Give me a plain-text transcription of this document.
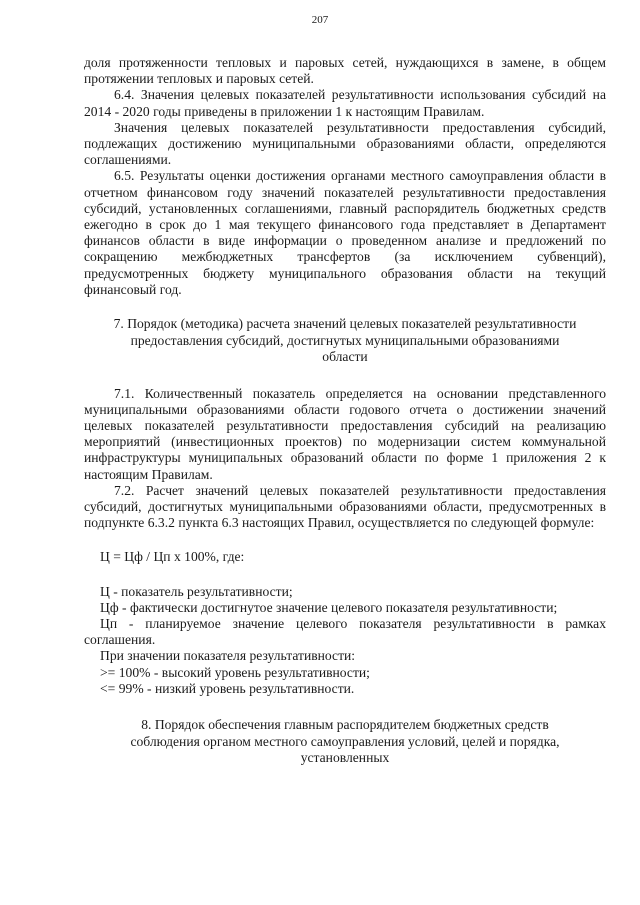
207

доля протяженности тепловых и паровых сетей, нуждающихся в замене, в общем протяжении тепловых и паровых сетей.

6.4. Значения целевых показателей результативности использования субсидий на 2014 - 2020 годы приведены в приложении 1 к настоящим Правилам.

Значения целевых показателей результативности предоставления субсидий, подлежащих достижению муниципальными образованиями области, определяются соглашениями.

6.5. Результаты оценки достижения органами местного самоуправления области в отчетном финансовом году значений показателей результативности предоставления субсидий, установленных соглашениями, главный распорядитель бюджетных средств ежегодно в срок до 1 мая текущего финансового года представляет в Департамент финансов области в виде информации о проведенном анализе и предложений по сокращению межбюджетных трансфертов (за исключением субвенций), предусмотренных бюджету муниципального образования области на текущий финансовый год.

7. Порядок (методика) расчета значений целевых показателей результативности предоставления субсидий, достигнутых муниципальными образованиями области

7.1. Количественный показатель определяется на основании представленного муниципальными образованиями области годового отчета о достижении значений целевых показателей результативности предоставления субсидий на реализацию мероприятий (инвестиционных проектов) по модернизации систем коммунальной инфраструктуры муниципальных образований области по форме 1 приложения 2 к настоящим Правилам.

7.2. Расчет значений целевых показателей результативности предоставления субсидий, достигнутых муниципальными образованиями области, предусмотренных в подпункте 6.3.2 пункта 6.3 настоящих Правил, осуществляется по следующей формуле:

Ц = Цф / Цп х 100%, где:

Ц - показатель результативности;

Цф - фактически достигнутое значение целевого показателя результативности;

Цп - планируемое значение целевого показателя результативности в рамках соглашения.

При значении показателя результативности:

>= 100% - высокий уровень результативности;

<= 99% - низкий уровень результативности.

8. Порядок обеспечения главным распорядителем бюджетных средств соблюдения органом местного самоуправления условий, целей и порядка, установленных
